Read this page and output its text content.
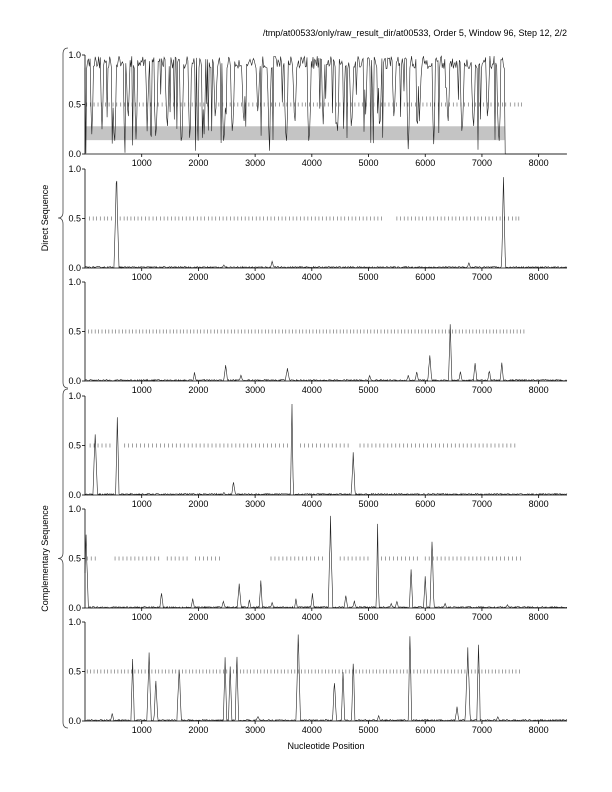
/tmp/at00533/only/raw_result_dir/at00533, Order 5, Window 96, Step 12, 2/2
0.0
0.5
1.0
1000	2000	3000	4000	5000	6000	7000	8000
0.0
0.5
1.0
1000	2000	3000	4000	5000	6000	7000	8000
0.0
0.5
1.0
1000	2000	3000	4000	5000	6000	7000	8000
0.0
0.5
1.0
1000	2000	3000	4000	5000	6000	7000	8000
0.0
0.5
1.0
1000	2000	3000	4000	5000	6000	7000	8000
0.0
0.5
1.0
1000	2000	3000	4000	5000	6000	7000	8000
Direct Sequence
Complementary Sequence
Nucleotide Position
